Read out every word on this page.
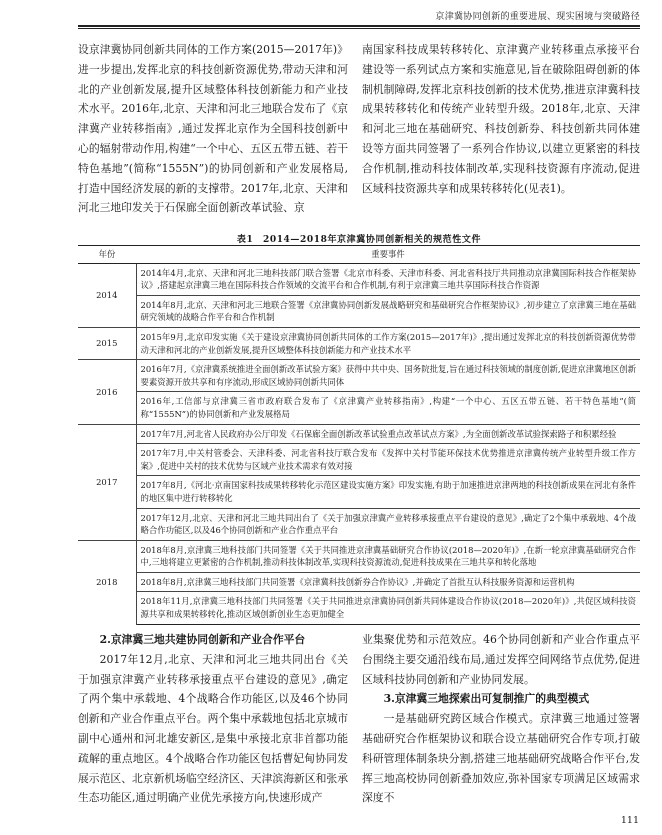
京津冀协同创新的重要进展、现实困境与突破路径

设京津冀协同创新共同体的工作方案(2015—2017年)》进一步提出,发挥北京的科技创新资源优势,带动天津和河北的产业创新发展,提升区域整体科技创新能力和产业技术水平。2016年,北京、天津和河北三地联合发布了《京津冀产业转移指南》,通过发挥北京作为全国科技创新中心的辐射带动作用,构建“一个中心、五区五带五链、若干特色基地”(简称“1555N”)的协同创新和产业发展格局,打造中国经济发展的新的支撑带。2017年,北京、天津和河北三地印发关于石保廊全面创新改革试验、京

南国家科技成果转移转化、京津冀产业转移重点承接平台建设等一系列试点方案和实施意见,旨在破除阻碍创新的体制机制障碍,发挥北京科技创新的技术优势,推进京津冀科技成果转移转化和传统产业转型升级。2018年,北京、天津和河北三地在基础研究、科技创新券、科技创新共同体建设等方面共同签署了一系列合作协议,以建立更紧密的科技合作机制,推动科技体制改革,实现科技资源有序流动,促进区域科技资源共享和成果转移转化(见表1)。

表1　2014—2018年京津冀协同创新相关的规范性文件
年份	重要事件
2014	2014年4月,北京、天津和河北三地科技部门联合签署《北京市科委、天津市科委、河北省科技厅共同推动京津冀国际科技合作框架协议》,搭建起京津冀三地在国际科技合作领域的交流平台和合作机制,有利于京津冀三地共享国际科技合作资源
	2014年8月,北京、天津和河北三地联合签署《京津冀协同创新发展战略研究和基础研究合作框架协议》,初步建立了京津冀三地在基础研究领域的战略合作平台和合作机制
2015	2015年9月,北京印发实施《关于建设京津冀协同创新共同体的工作方案(2015—2017年)》,提出通过发挥北京的科技创新资源优势带动天津和河北的产业创新发展,提升区域整体科技创新能力和产业技术水平
2016	2016年7月,《京津冀系统推进全面创新改革试验方案》获得中共中央、国务院批复,旨在通过科技领域的制度创新,促进京津冀地区创新要素资源开放共享和有序流动,形成区域协同创新共同体
	2016年,工信部与京津冀三省市政府联合发布了《京津冀产业转移指南》,构建“一个中心、五区五带五链、若干特色基地”(简称“1555N”)的协同创新和产业发展格局
2017	2017年7月,河北省人民政府办公厅印发《石保廊全面创新改革试验重点改革试点方案》,为全面创新改革试验探索路子和积累经验
	2017年7月,中关村管委会、天津科委、河北省科技厅联合发布《发挥中关村节能环保技术优势推进京津冀传统产业转型升级工作方案》,促进中关村的技术优势与区域产业技术需求有效对接
	2017年8月,《河北·京南国家科技成果转移转化示范区建设实施方案》印发实施,有助于加速推进京津两地的科技创新成果在河北有条件的地区集中进行转移转化
	2017年12月,北京、天津和河北三地共同出台了《关于加强京津冀产业转移承接重点平台建设的意见》,确定了2个集中承载地、4个战略合作功能区,以及46个协同创新和产业合作重点平台
2018	2018年8月,京津冀三地科技部门共同签署《关于共同推进京津冀基础研究合作协议(2018—2020年)》,在新一轮京津冀基础研究合作中,三地将建立更紧密的合作机制,推动科技体制改革,实现科技资源流动,促进科技成果在三地共享和转化落地
	2018年8月,京津冀三地科技部门共同签署《京津冀科技创新券合作协议》,并确定了首批互认科技服务资源和运营机构
	2018年11月,京津冀三地科技部门共同签署《关于共同推进京津冀协同创新共同体建设合作协议(2018—2020年)》,共促区域科技资源共享和成果转移转化,推动区域创新创业生态更加健全

2.京津冀三地共建协同创新和产业合作平台

2017年12月,北京、天津和河北三地共同出台《关于加强京津冀产业转移承接重点平台建设的意见》,确定了两个集中承载地、4个战略合作功能区,以及46个协同创新和产业合作重点平台。两个集中承载地包括北京城市副中心通州和河北雄安新区,是集中承接北京非首都功能疏解的重点地区。4个战略合作功能区包括曹妃甸协同发展示范区、北京新机场临空经济区、天津滨海新区和张承生态功能区,通过明确产业优先承接方向,快速形成产

业集聚优势和示范效应。46个协同创新和产业合作重点平台围绕主要交通沿线布局,通过发挥空间网络节点优势,促进区域科技协同创新和产业协同发展。

3.京津冀三地探索出可复制推广的典型模式

一是基础研究跨区域合作模式。京津冀三地通过签署基础研究合作框架协议和联合设立基础研究合作专项,打破科研管理体制条块分割,搭建三地基础研究战略合作平台,发挥三地高校协同创新叠加效应,弥补国家专项满足区域需求深度不

111
